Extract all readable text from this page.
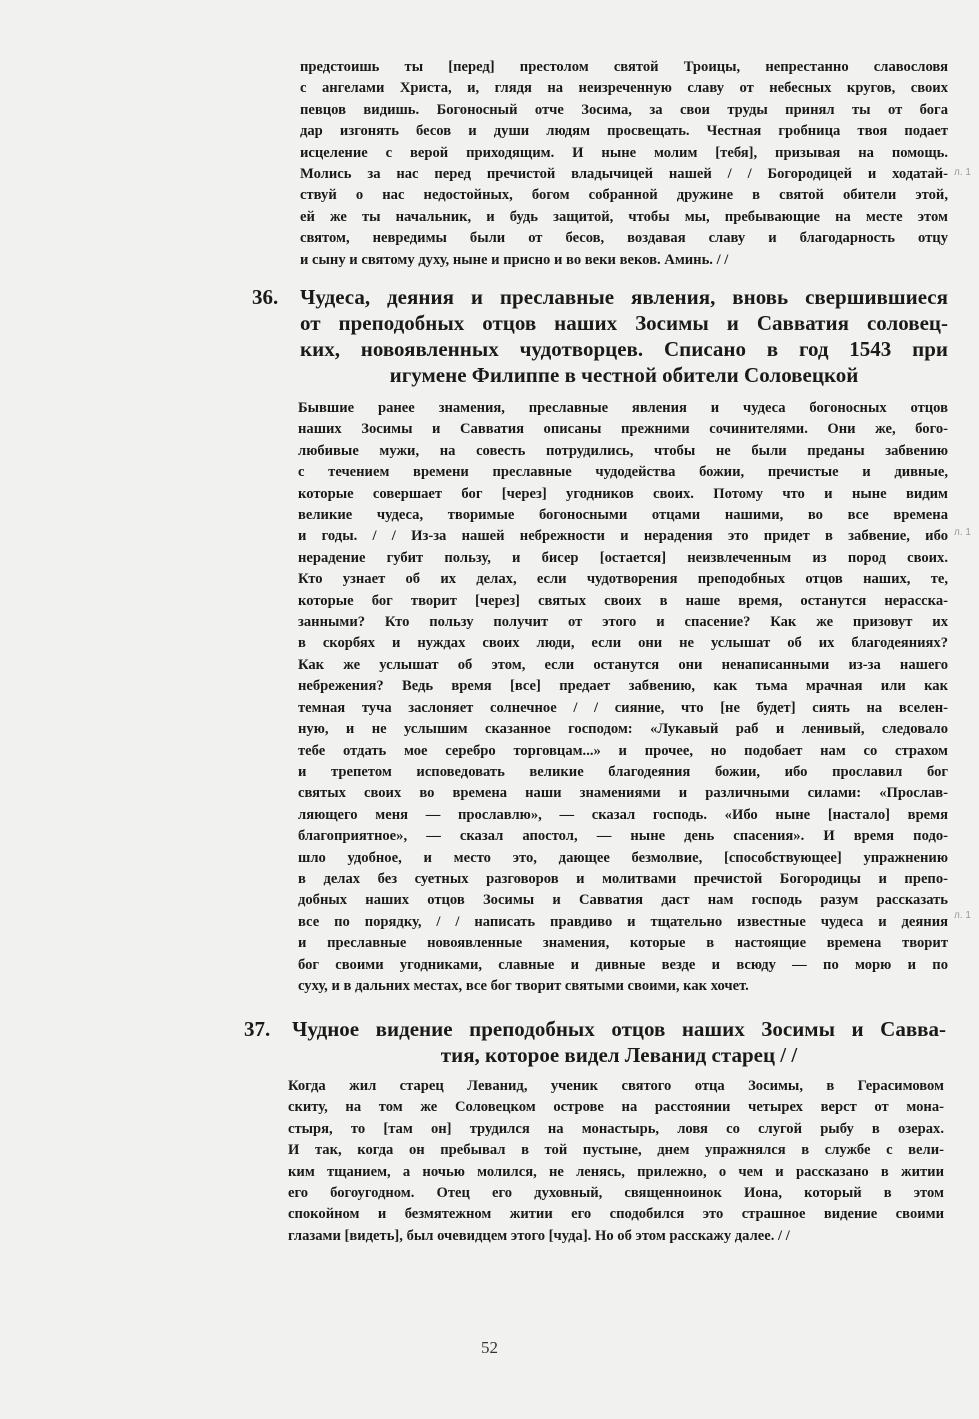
предстоишь ты [перед] престолом святой Троицы, непрестанно славословя
с ангелами Христа, и, глядя на неизреченную славу от небесных кругов, своих
певцов видишь. Богоносный отче Зосима, за свои труды принял ты от бога
дар изгонять бесов и души людям просвещать. Честная гробница твоя подает
исцеление с верой приходящим. И ныне молим [тебя], призывая на помощь.
Молись за нас перед пречистой владычицей нашей / / Богородицей и ходатай-
ствуй о нас недостойных, богом собранной дружине в святой обители этой,
ей же ты начальник, и будь защитой, чтобы мы, пребывающие на месте этом
святом, невредимы были от бесов, воздавая славу и благодарность отцу
и сыну и святому духу, ныне и присно и во веки веков. Аминь. / /
36. Чудеса, деяния и преславные явления, вновь свершившиеся
от преподобных отцов наших Зосимы и Савватия соловец-
ких, новоявленных чудотворцев. Списано в год 1543 при
игумене Филиппе в честной обители Соловецкой
Бывшие ранее знамения, преславные явления и чудеса богоносных отцов
наших Зосимы и Савватия описаны прежними сочинителями. Они же, бого-
любивые мужи, на совесть потрудились, чтобы не были преданы забвению
с течением времени преславные чудодейства божии, пречистые и дивные,
которые совершает бог [через] угодников своих. Потому что и ныне видим
великие чудеса, творимые богоносными отцами нашими, во все времена
и годы. / / Из-за нашей небрежности и нерадения это придет в забвение, ибо
нерадение губит пользу, и бисер [остается] неизвлеченным из пород своих.
Кто узнает об их делах, если чудотворения преподобных отцов наших, те,
которые бог творит [через] святых своих в наше время, останутся нерасска-
занными? Кто пользу получит от этого и спасение? Как же призовут их
в скорбях и нуждах своих люди, если они не услышат об их благодеяниях?
Как же услышат об этом, если останутся они ненаписанными из-за нашего
небрежения? Ведь время [все] предает забвению, как тьма мрачная или как
темная туча заслоняет солнечное / / сияние, что [не будет] сиять на вселен-
ную, и не услышим сказанное господом: «Лукавый раб и ленивый, следовало
тебе отдать мое серебро торговцам...» и прочее, но подобает нам со страхом
и трепетом исповедовать великие благодеяния божии, ибо прославил бог
святых своих во времена наши знамениями и различными силами: «Прослав-
ляющего меня — прославлю», — сказал господь. «Ибо ныне [настало] время
благоприятное», — сказал апостол, — ныне день спасения». И время подо-
шло удобное, и место это, дающее безмолвие, [способствующее] упражнению
в делах без суетных разговоров и молитвами пречистой Богородицы и препо-
добных наших отцов Зосимы и Савватия даст нам господь разум рассказать
все по порядку, / / написать правдиво и тщательно известные чудеса и деяния
и преславные новоявленные знамения, которые в настоящие времена творит
бог своими угодниками, славные и дивные везде и всюду — по морю и по
суху, и в дальних местах, все бог творит святыми своими, как хочет.
37. Чудное видение преподобных отцов наших Зосимы и Савва-
тия, которое видел Леванид старец / /
Когда жил старец Леванид, ученик святого отца Зосимы, в Герасимовом
скиту, на том же Соловецком острове на расстоянии четырех верст от мона-
стыря, то [там он] трудился на монастырь, ловя со слугой рыбу в озерах.
И так, когда он пребывал в той пустыне, днем упражнялся в службе с вели-
ким тщанием, а ночью молился, не ленясь, прилежно, о чем и рассказано в житии
его богоугодном. Отец его духовный, священноинок Иона, который в этом
спокойном и безмятежном житии его сподобился это страшное видение своими
глазами [видеть], был очевидцем этого [чуда]. Но об этом расскажу далее. / /
л. 1
л. 1
л. 1
52
